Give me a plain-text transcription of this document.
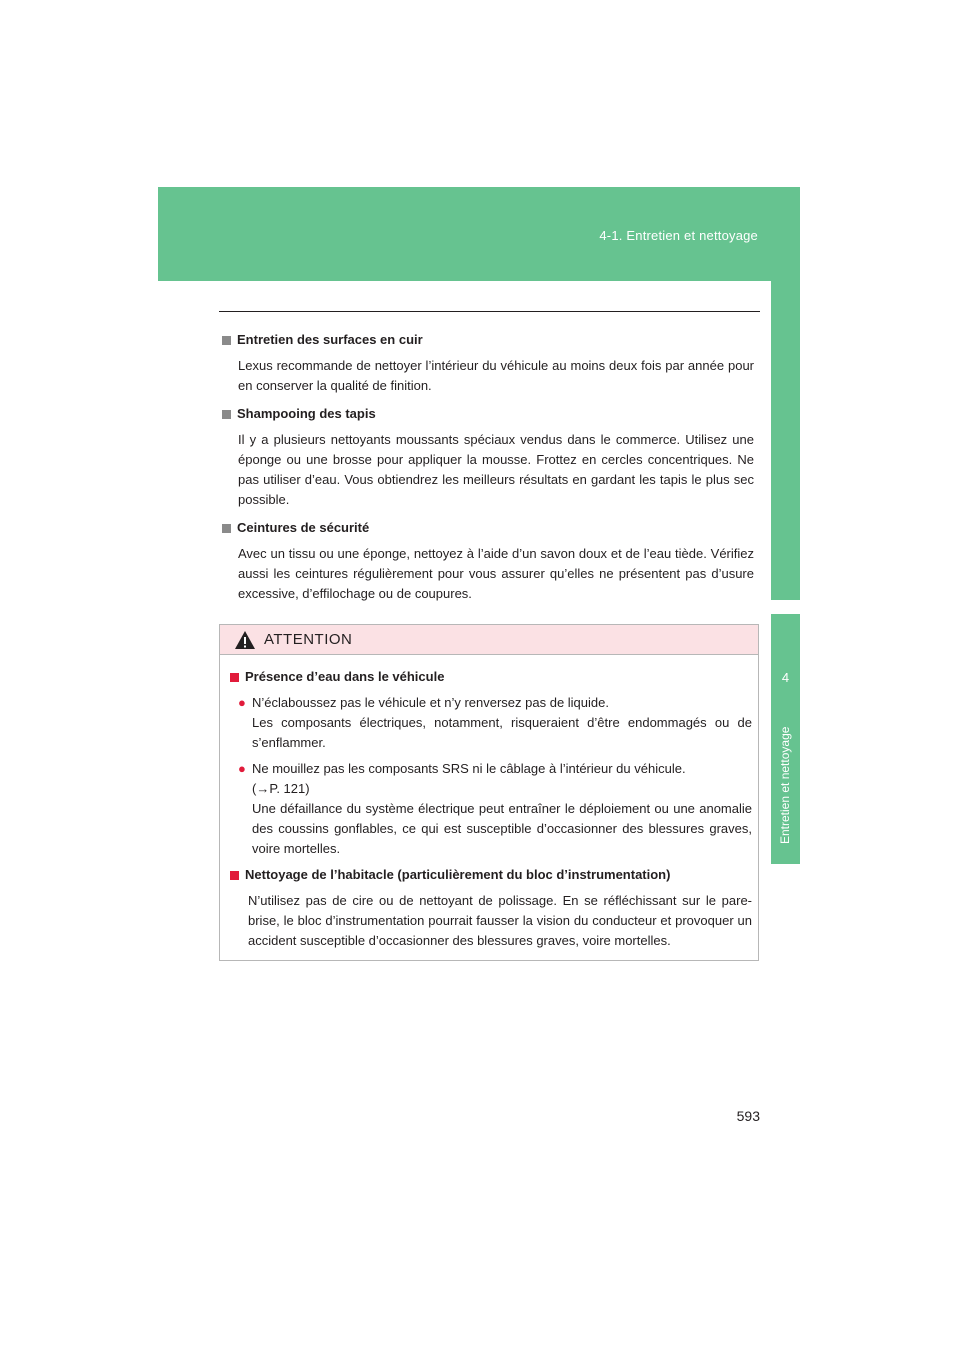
4-1. Entretien et nettoyage
4
Entretien et nettoyage

Entretien des surfaces en cuir

Lexus recommande de nettoyer l’intérieur du véhicule au moins deux fois par année pour en conserver la qualité de finition.

Shampooing des tapis

Il y a plusieurs nettoyants moussants spéciaux vendus dans le commerce. Utilisez une éponge ou une brosse pour appliquer la mousse. Frottez en cercles concentriques. Ne pas utiliser d’eau. Vous obtiendrez les meilleurs résultats en gardant les tapis le plus sec possible.

Ceintures de sécurité

Avec un tissu ou une éponge, nettoyez à l’aide d’un savon doux et de l’eau tiède. Vérifiez aussi les ceintures régulièrement pour vous assurer qu’elles ne présentent pas d’usure excessive, d’effilochage ou de coupures.

ATTENTION

Présence d’eau dans le véhicule

● N’éclaboussez pas le véhicule et n’y renversez pas de liquide.
Les composants électriques, notamment, risqueraient d’être endommagés ou de s’enflammer.
● Ne mouillez pas les composants SRS ni le câblage à l’intérieur du véhicule.
(→P. 121)
Une défaillance du système électrique peut entraîner le déploiement ou une anomalie des coussins gonflables, ce qui est susceptible d’occasionner des blessures graves, voire mortelles.

Nettoyage de l’habitacle (particulièrement du bloc d’instrumentation)

N’utilisez pas de cire ou de nettoyant de polissage. En se réfléchissant sur le pare-brise, le bloc d’instrumentation pourrait fausser la vision du conducteur et provoquer un accident susceptible d’occasionner des blessures graves, voire mortelles.

593
